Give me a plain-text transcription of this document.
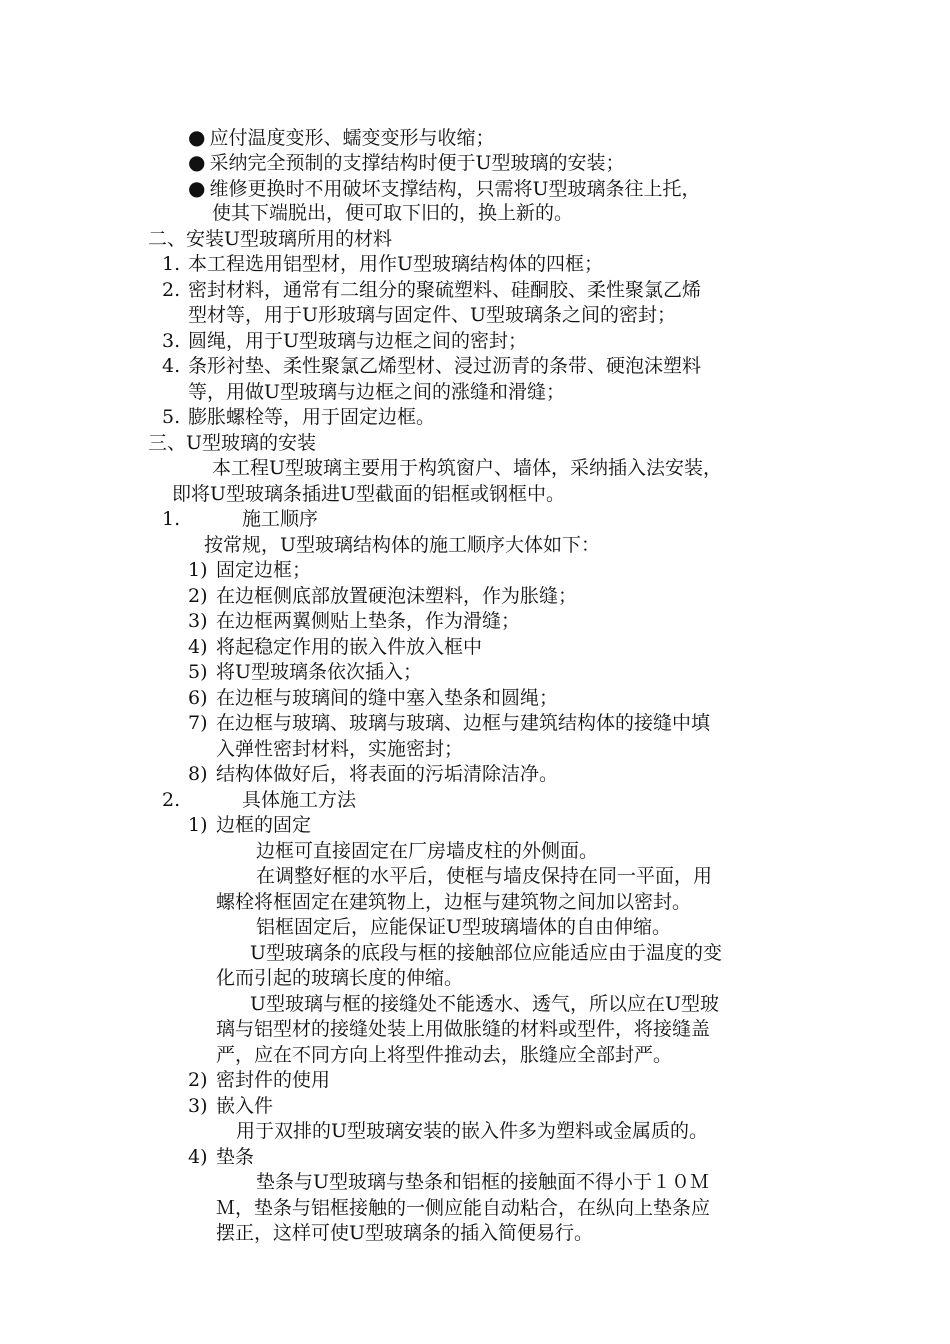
● 应付温度变形、蠕变变形与收缩；
● 采纳完全预制的支撑结构时便于U型玻璃的安装；
● 维修更换时不用破坏支撑结构，只需将U型玻璃条往上托，
使其下端脱出，便可取下旧的，换上新的。
二、安装U型玻璃所用的材料
1. 本工程选用铝型材，用作U型玻璃结构体的四框；
2. 密封材料，通常有二组分的聚硫塑料、硅酮胶、柔性聚氯乙烯
型材等，用于U形玻璃与固定件、U型玻璃条之间的密封；
3. 圆绳，用于U型玻璃与边框之间的密封；
4. 条形衬垫、柔性聚氯乙烯型材、浸过沥青的条带、硬泡沫塑料
等，用做U型玻璃与边框之间的涨缝和滑缝；
5. 膨胀螺栓等，用于固定边框。
三、U型玻璃的安装
本工程U型玻璃主要用于构筑窗户、墙体，采纳插入法安装，
即将U型玻璃条插进U型截面的铝框或钢框中。
1.	施工顺序
按常规，U型玻璃结构体的施工顺序大体如下：
1) 固定边框；
2) 在边框侧底部放置硬泡沫塑料，作为胀缝；
3) 在边框两翼侧贴上垫条，作为滑缝；
4) 将起稳定作用的嵌入件放入框中
5) 将U型玻璃条依次插入；
6) 在边框与玻璃间的缝中塞入垫条和圆绳；
7) 在边框与玻璃、玻璃与玻璃、边框与建筑结构体的接缝中填
入弹性密封材料，实施密封；
8) 结构体做好后，将表面的污垢清除洁净。
2.	具体施工方法
1) 边框的固定
边框可直接固定在厂房墙皮柱的外侧面。
在调整好框的水平后，使框与墙皮保持在同一平面，用
螺栓将框固定在建筑物上，边框与建筑物之间加以密封。
铝框固定后，应能保证U型玻璃墙体的自由伸缩。
U型玻璃条的底段与框的接触部位应能适应由于温度的变
化而引起的玻璃长度的伸缩。
U型玻璃与框的接缝处不能透水、透气，所以应在U型玻
璃与铝型材的接缝处装上用做胀缝的材料或型件，将接缝盖
严，应在不同方向上将型件推动去，胀缝应全部封严。
2) 密封件的使用
3) 嵌入件
用于双排的U型玻璃安装的嵌入件多为塑料或金属质的。
4) 垫条
垫条与U型玻璃与垫条和铝框的接触面不得小于１０Ｍ
Ｍ，垫条与铝框接触的一侧应能自动粘合，在纵向上垫条应
摆正，这样可使U型玻璃条的插入简便易行。
